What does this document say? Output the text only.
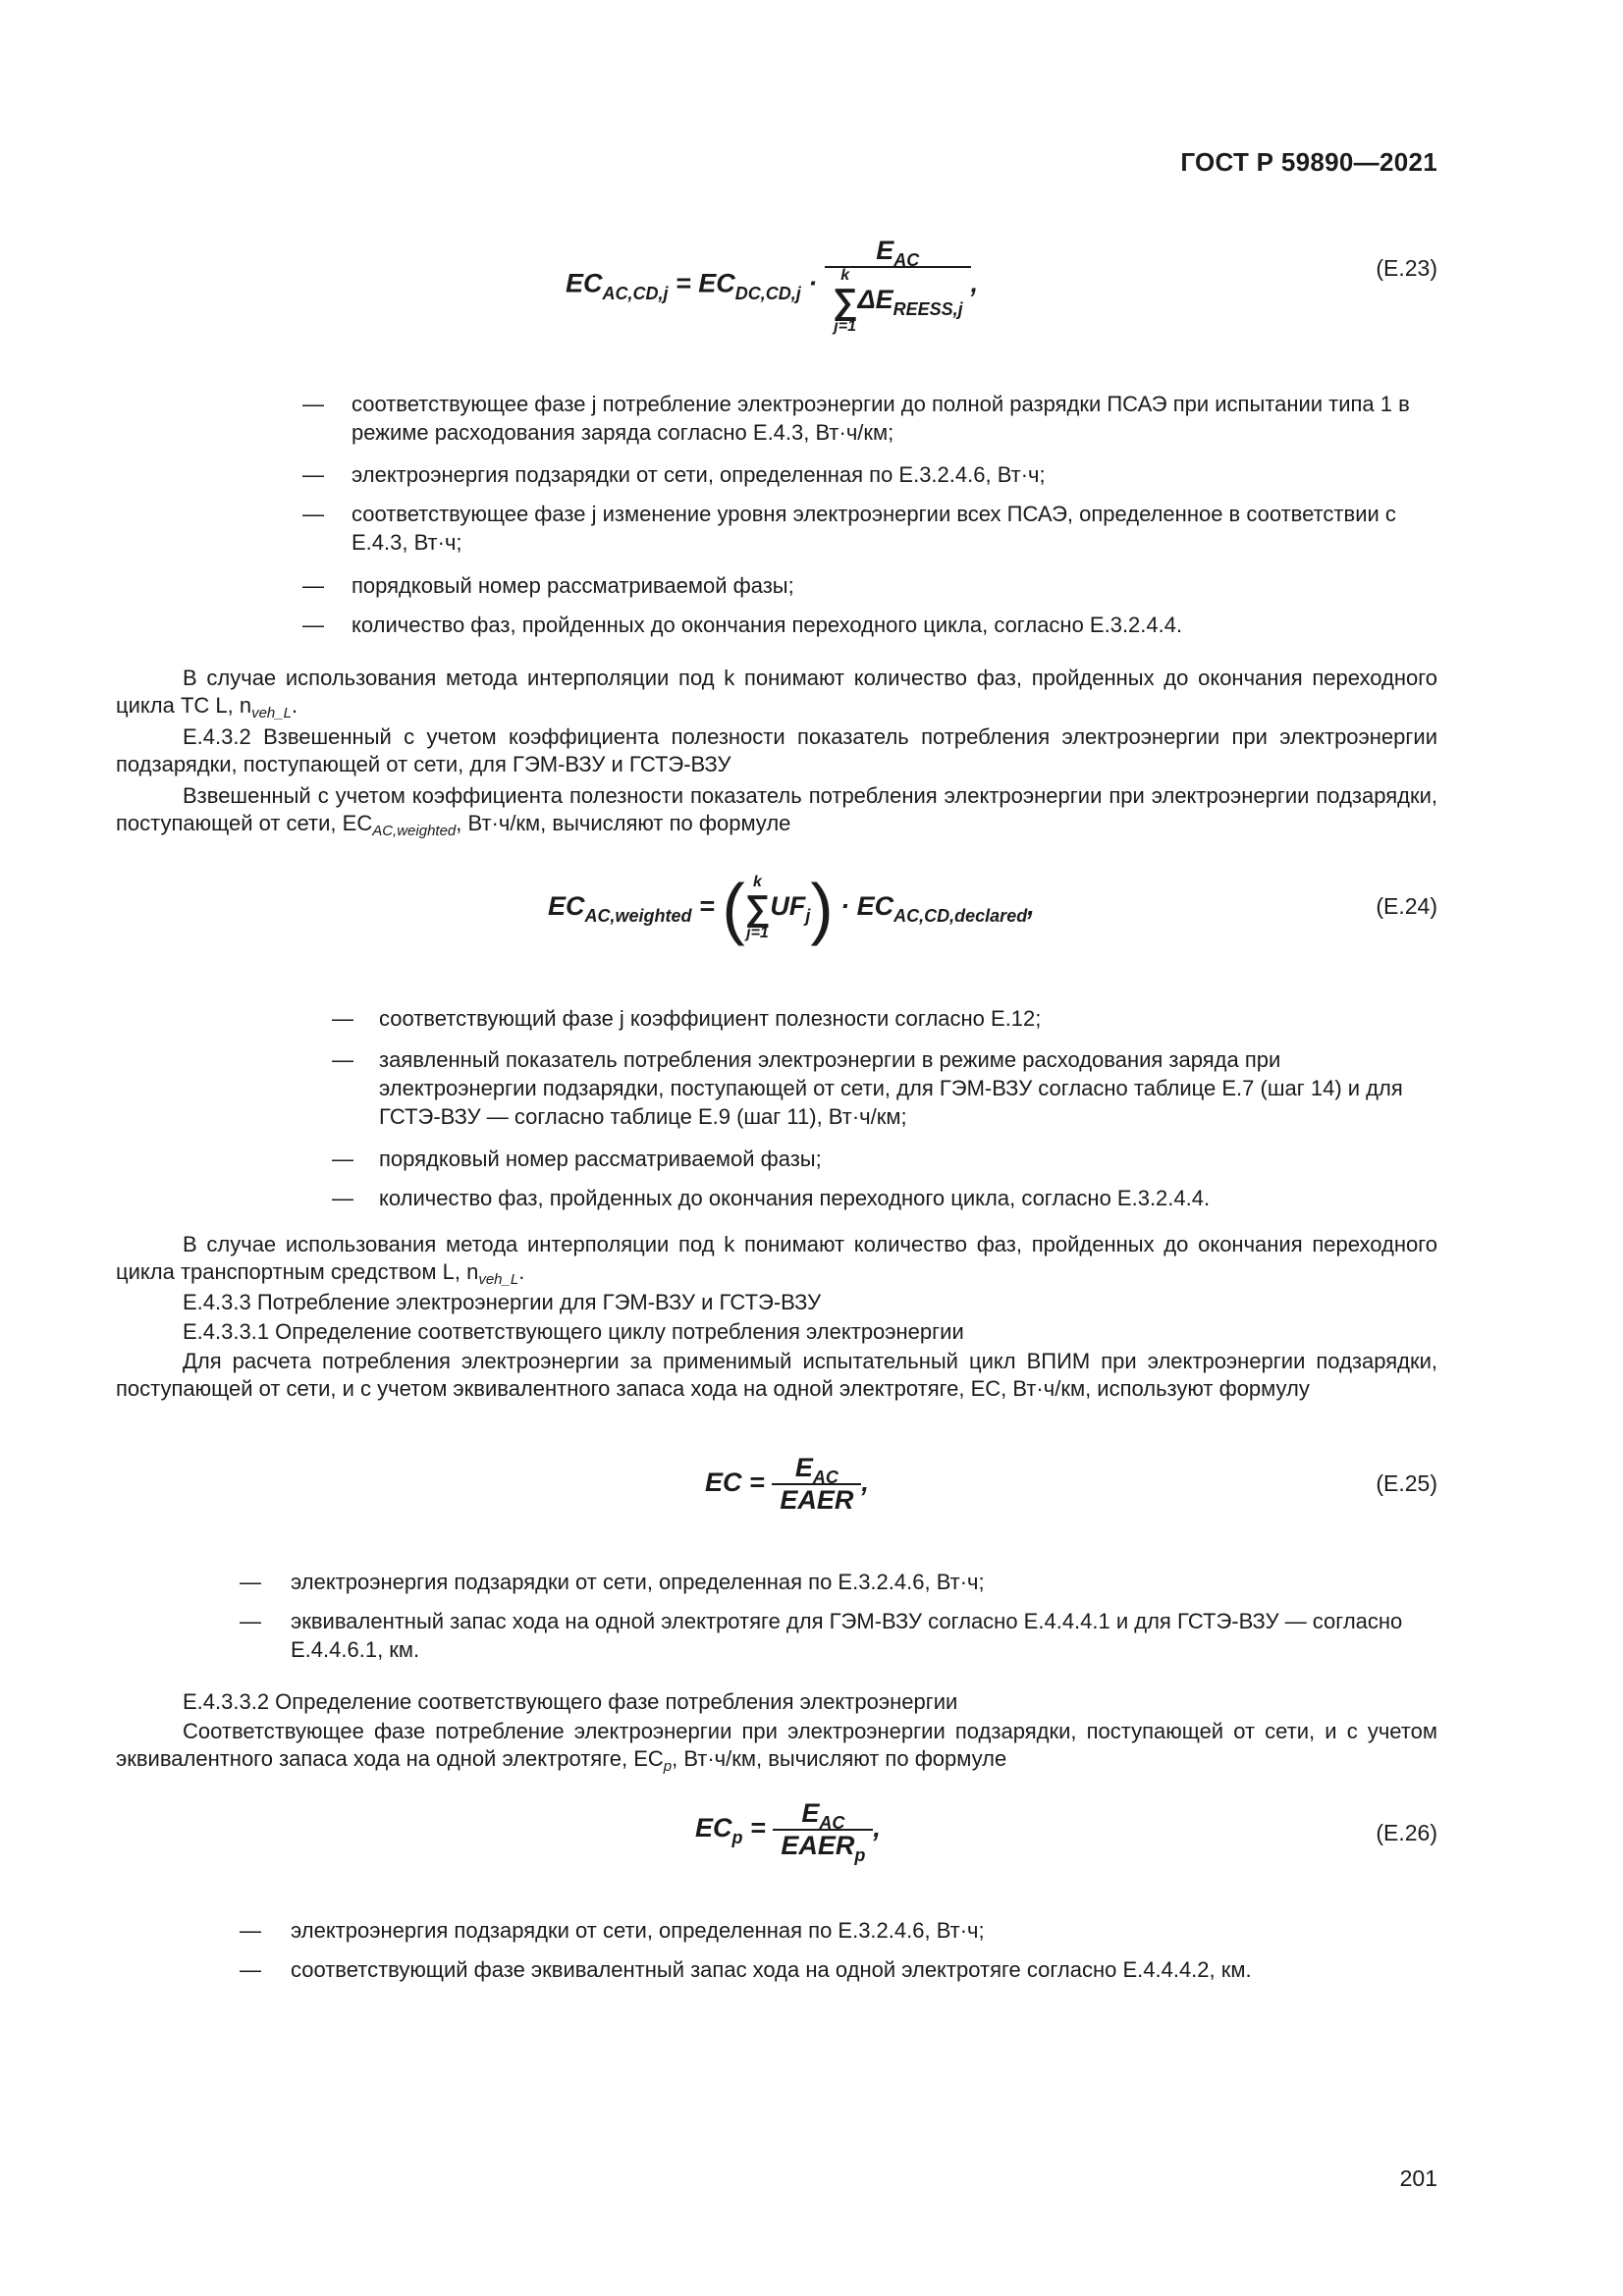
ГОСТ Р 59890—2021
$EC_{AC,CD,j} = EC_{DC,CD,j} \cdot E_{AC}$
k
∑
j=1
$\Delta E_{REESS,j}$ ,
(Е.23)
— соответствующее фазе j потребление электроэнергии до полной разрядки ПСАЭ при испытании типа 1 в режиме расходования заряда согласно Е.4.3, Вт·ч/км;
— электроэнергия подзарядки от сети, определенная по Е.3.2.4.6, Вт·ч;
— соответствующее фазе j изменение уровня электроэнергии всех ПСАЭ, определенное в соответствии с Е.4.3, Вт·ч;
— порядковый номер рассматриваемой фазы;
— количество фаз, пройденных до окончания переходного цикла, согласно Е.3.2.4.4.
В случае использования метода интерполяции под k понимают количество фаз, пройденных до окончания переходного цикла ТС L, $n_{veh\_L}$.
Е.4.3.2 Взвешенный с учетом коэффициента полезности показатель потребления электроэнергии при электроэнергии подзарядки, поступающей от сети, для ГЭМ-ВЗУ и ГСТЭ-ВЗУ
Взвешенный с учетом коэффициента полезности показатель потребления электроэнергии при электроэнергии подзарядки, поступающей от сети, $EC_{AC,weighted}$, Вт·ч/км, вычисляют по формуле
$EC_{AC,weighted}$ = ( k
∑
j=1
$UF_j) \cdot EC_{AC,CD,declared}$,	(Е.24)
— соответствующий фазе j коэффициент полезности согласно Е.12;
— заявленный показатель потребления электроэнергии в режиме расходования заряда при электроэнергии подзарядки, поступающей от сети, для ГЭМ-ВЗУ согласно таблице Е.7 (шаг 14) и для ГСТЭ-ВЗУ — согласно таблице Е.9 (шаг 11), Вт·ч/км;
— порядковый номер рассматриваемой фазы;
— количество фаз, пройденных до окончания переходного цикла, согласно Е.3.2.4.4.
В случае использования метода интерполяции под k понимают количество фаз, пройденных до окончания переходного цикла транспортным средством L, $n_{veh\_L}$.
Е.4.3.3 Потребление электроэнергии для ГЭМ-ВЗУ и ГСТЭ-ВЗУ
Е.4.3.3.1 Определение соответствующего циклу потребления электроэнергии
Для расчета потребления электроэнергии за применимый испытательный цикл ВПИМ при электроэнергии подзарядки, поступающей от сети, и с учетом эквивалентного запаса хода на одной электротяге, EC, Вт·ч/км, используют формулу
EC = $\frac{E_{AC}}{\text{EAER}}$ ,	(Е.25)
— электроэнергия подзарядки от сети, определенная по Е.3.2.4.6, Вт·ч;
— эквивалентный запас хода на одной электротяге для ГЭМ-ВЗУ согласно Е.4.4.4.1 и для ГСТЭ-ВЗУ — согласно Е.4.4.6.1, км.
Е.4.3.3.2 Определение соответствующего фазе потребления электроэнергии
Соответствующее фазе потребление электроэнергии при электроэнергии подзарядки, поступающей от сети, и с учетом эквивалентного запаса хода на одной электротяге, $EC_p$, Вт·ч/км, вычисляют по формуле
$EC_p = \frac{E_{AC}}{EAER_p}$ ,	(Е.26)
— электроэнергия подзарядки от сети, определенная по Е.3.2.4.6, Вт·ч;
— соответствующий фазе эквивалентный запас хода на одной электротяге согласно Е.4.4.4.2, км.
201
